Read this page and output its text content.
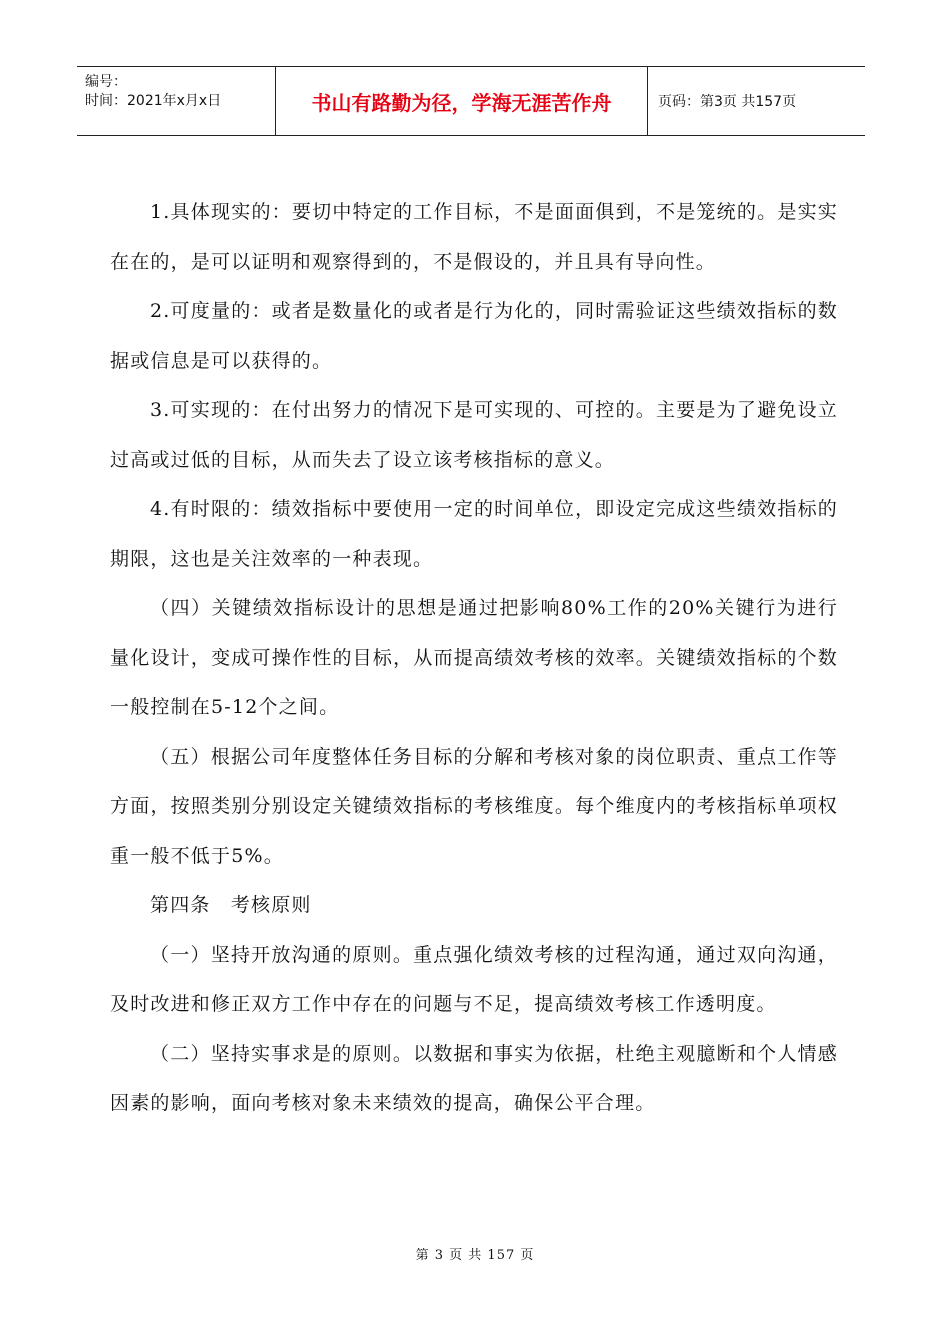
编号：
时间：2021年x月x日	书山有路勤为径，学海无涯苦作舟	页码：第3页 共157页

1.具体现实的：要切中特定的工作目标，不是面面俱到，不是笼统的。是实实在在的，是可以证明和观察得到的，不是假设的，并且具有导向性。

2.可度量的：或者是数量化的或者是行为化的，同时需验证这些绩效指标的数据或信息是可以获得的。

3.可实现的：在付出努力的情况下是可实现的、可控的。主要是为了避免设立过高或过低的目标，从而失去了设立该考核指标的意义。

4.有时限的：绩效指标中要使用一定的时间单位，即设定完成这些绩效指标的期限，这也是关注效率的一种表现。

（四）关键绩效指标设计的思想是通过把影响80%工作的20%关键行为进行量化设计，变成可操作性的目标，从而提高绩效考核的效率。关键绩效指标的个数一般控制在5-12个之间。

（五）根据公司年度整体任务目标的分解和考核对象的岗位职责、重点工作等方面，按照类别分别设定关键绩效指标的考核维度。每个维度内的考核指标单项权重一般不低于5%。

第四条　考核原则

（一）坚持开放沟通的原则。重点强化绩效考核的过程沟通，通过双向沟通，及时改进和修正双方工作中存在的问题与不足，提高绩效考核工作透明度。

（二）坚持实事求是的原则。以数据和事实为依据，杜绝主观臆断和个人情感因素的影响，面向考核对象未来绩效的提高，确保公平合理。

第 3 页 共 157 页
